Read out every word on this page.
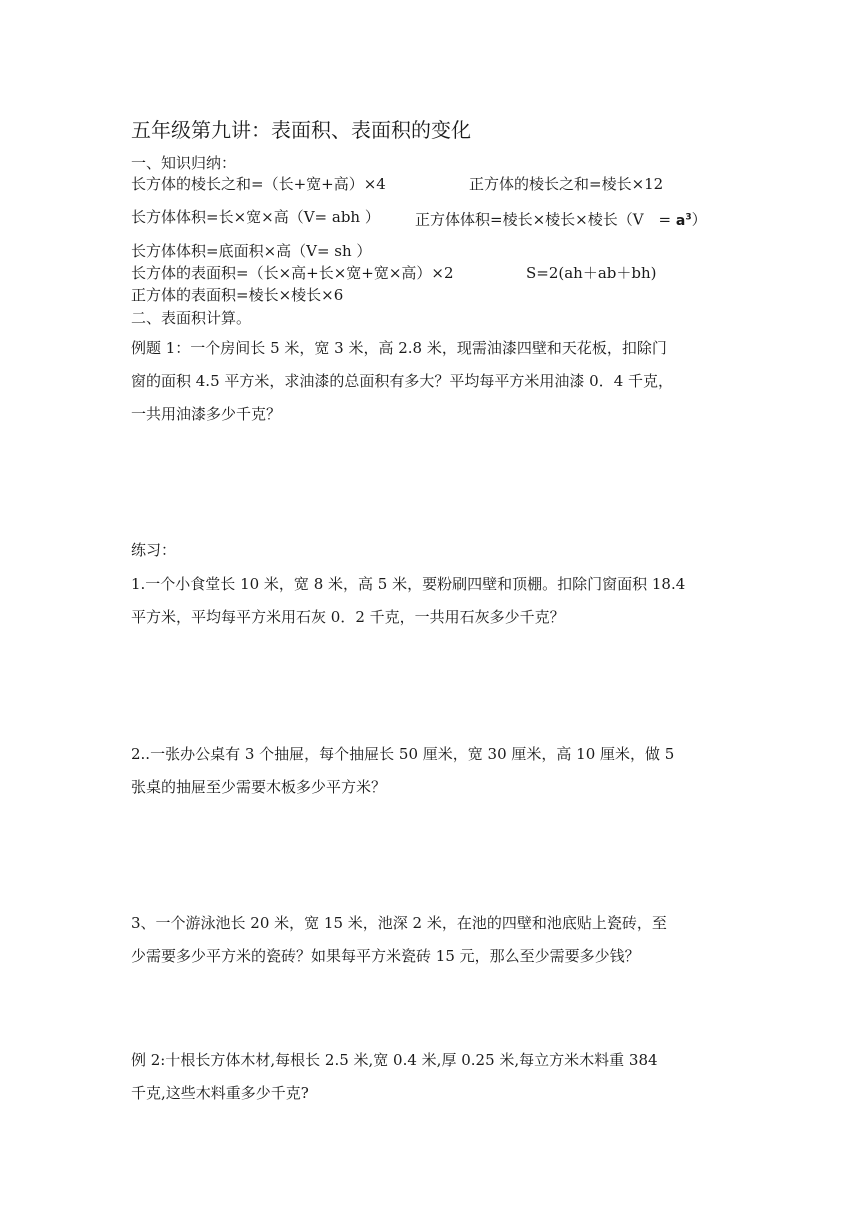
五年级第九讲：表面积、表面积的变化
一、知识归纳：
长方体的棱长之和=（长+宽+高）×4	正方体的棱长之和=棱长×12
长方体体积=长×宽×高（V= abh ） 正方体体积=棱长×棱长×棱长（V　= $a^3$）
长方体体积=底面积×高（V= sh ）
长方体的表面积=（长×高+长×宽+宽×高）×2	S=2(ah＋ab＋bh)
正方体的表面积=棱长×棱长×6
二、表面积计算。
例题 1：一个房间长 5 米，宽 3 米，高 2.8 米，现需油漆四壁和天花板，扣除门
窗的面积 4.5 平方米，求油漆的总面积有多大？平均每平方米用油漆 0．4 千克，
一共用油漆多少千克？
练习：
1.一个小食堂长 10 米，宽 8 米，高 5 米，要粉刷四壁和顶棚。扣除门窗面积 18.4
平方米，平均每平方米用石灰 0．2 千克，一共用石灰多少千克？
2..一张办公桌有 3 个抽屉，每个抽屉长 50 厘米，宽 30 厘米，高 10 厘米，做 5
张桌的抽屉至少需要木板多少平方米？
3、一个游泳池长 20 米，宽 15 米，池深 2 米，在池的四壁和池底贴上瓷砖，至
少需要多少平方米的瓷砖？如果每平方米瓷砖 15 元，那么至少需要多少钱？
例 2:十根长方体木材,每根长 2.5 米,宽 0.4 米,厚 0.25 米,每立方米木料重 384
千克,这些木料重多少千克?
